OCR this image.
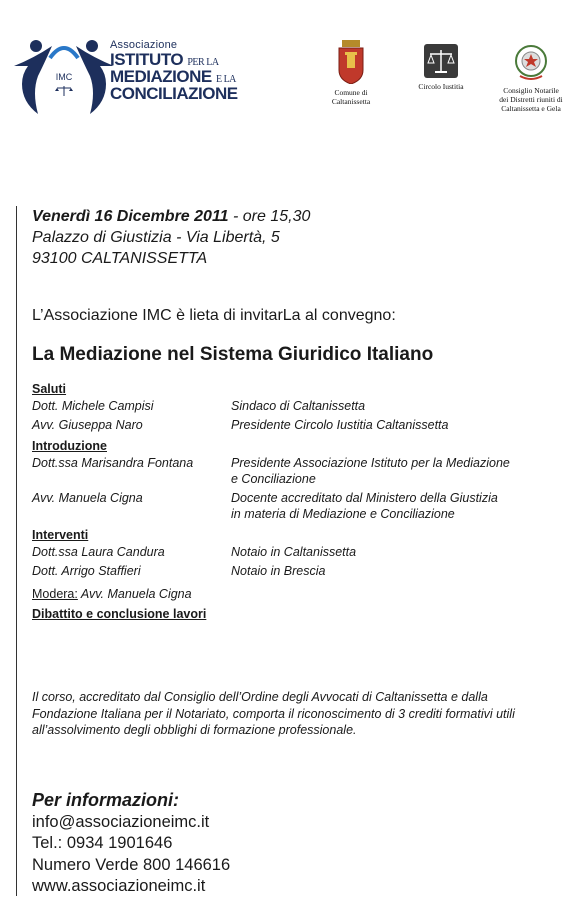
IMC
Associazione
ISTITUTO PER LA
MEDIAZIONE E LA
CONCILIAZIONE	Comune di
Caltanissetta
Circolo Iustitia	Consiglio Notarile
dei Distretti riuniti di
Caltanissetta e Gela
Venerdì 16 Dicembre 2011 - ore 15,30
Palazzo di Giustizia - Via Libertà, 5
93100 CALTANISSETTA
L’Associazione IMC è lieta di invitarLa al convegno:
La Mediazione nel Sistema Giuridico Italiano
Saluti
Dott. Michele Campisi	Sindaco di Caltanissetta
Avv. Giuseppa Naro	Presidente Circolo Iustitia Caltanissetta
Introduzione
Dott.ssa Marisandra Fontana	Presidente Associazione Istituto per la Mediazione
e Conciliazione
Avv. Manuela Cigna	Docente accreditato dal Ministero della Giustizia
in materia di Mediazione e Conciliazione
Interventi
Dott.ssa Laura Candura	Notaio in Caltanissetta
Dott. Arrigo Staffieri	Notaio in Brescia
Modera: Avv. Manuela Cigna
Dibattito e conclusione lavori
Il corso, accreditato dal Consiglio dell’Ordine degli Avvocati di Caltanissetta e dalla Fondazione Italiana per il Notariato, comporta il riconoscimento di 3 crediti formativi utili all’assolvimento degli obblighi di formazione professionale.
Per informazioni:
info@associazioneimc.it
Tel.: 0934 1901646
Numero Verde 800 146616
www.associazioneimc.it
